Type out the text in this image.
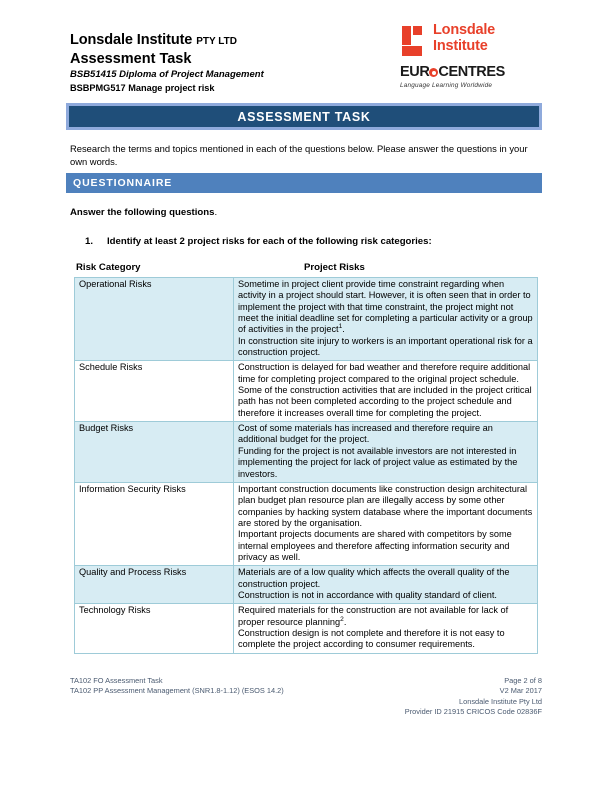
Lonsdale Institute PTY LTD
Assessment Task
BSB51415 Diploma of Project Management
BSBPMG517 Manage project risk
Lonsdale
Institute
EUR CENTRES
Language Learning Worldwide
ASSESSMENT TASK
Research the terms and topics mentioned in each of the questions below. Please answer the questions in your own words.
QUESTIONNAIRE
Answer the following questions.
1.	Identify at least 2 project risks for each of the following risk categories:
Risk Category	Project Risks
Operational Risks	Sometime in project client provide time constraint regarding when activity in a project should start. However, it is often seen that in order to implement the project with that time constraint, the project might not meet the initial deadline set for completing a particular activity or a group of activities in the project$^1$.

In construction site injury to workers is an important operational risk for a construction project.

Schedule Risks	Construction is delayed for bad weather and therefore require additional time for completing project compared to the original project schedule.

Some of the construction activities that are included in the project critical path has not been completed according to the project schedule and therefore it increases overall time for completing the project.

Budget Risks	Cost of some materials has increased and therefore require an additional budget for the project.

Funding for the project is not available investors are not interested in implementing the project for lack of project value as estimated by the investors.

Information Security Risks	Important construction documents like construction design architectural plan budget plan resource plan are illegally access by some other companies by hacking system database where the important documents are stored by the organisation.

Important projects documents are shared with competitors by some internal employees and therefore affecting information security and privacy as well.

Quality and Process Risks	Materials are of a low quality which affects the overall quality of the construction project.

Construction is not in accordance with quality standard of client.

Technology Risks	Required materials for the construction are not available for lack of proper resource planning$^2$.

Construction design is not complete and therefore it is not easy to complete the project according to consumer requirements.

TA102 FO Assessment Task
TA102 PP Assessment Management (SNR1.8-1.12) (ESOS 14.2)
Page 2 of 8
V2 Mar 2017
Lonsdale Institute Pty Ltd
Provider ID 21915 CRICOS Code 02836F
